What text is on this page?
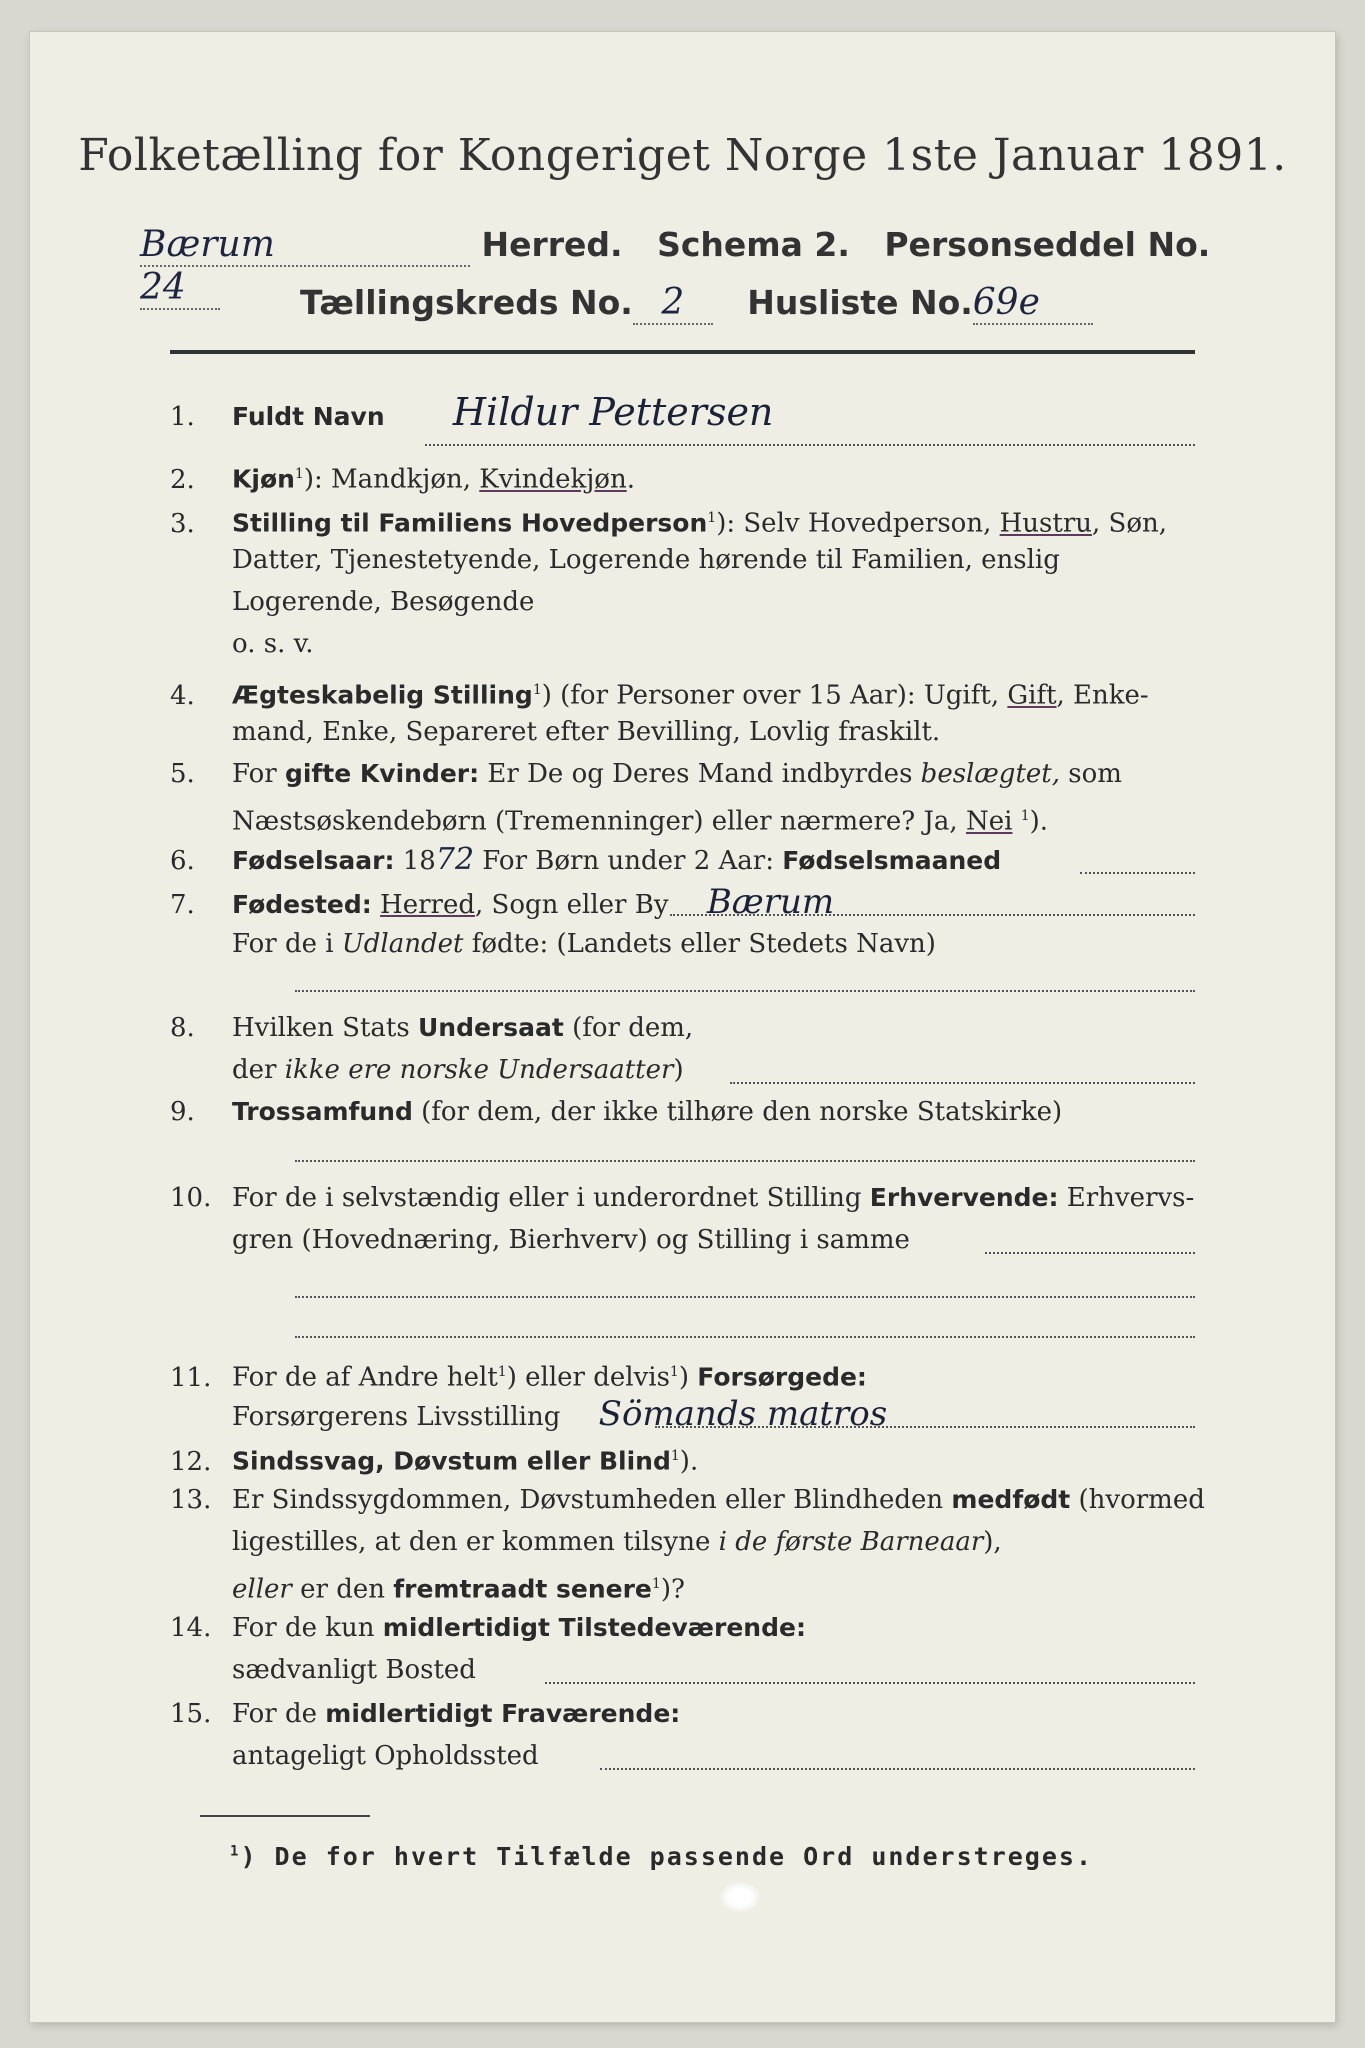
Folketælling for Kongeriget Norge 1ste Januar 1891.
Bærum	Herred. Schema 2. Personseddel No.24	Tællingskreds No. 2 Husliste No.69e
1. Fuldt Navn Hildur Pettersen
2. Kjøn$^1$): Mandkjøn, Kvindekjøn.
3. Stilling til Familiens Hovedperson$^1$): Selv Hovedperson, Hustru, Søn,
Datter, Tjenestetyende, Logerende hørende til Familien, enslig
Logerende, Besøgende
o. s. v.
4. Ægteskabelig Stilling$^1$) (for Personer over 15 Aar): Ugift, Gift, Enke-
mand, Enke, Separeret efter Bevilling, Lovlig fraskilt.
5. For gifte Kvinder: Er De og Deres Mand indbyrdes beslægtet, som
Næstsøskendebørn (Tremenninger) eller nærmere? Ja, Nei $^1$).
6. Fødselsaar: 1872 For Børn under 2 Aar: Fødselsmaaned
7. Fødested: Herred, Sogn eller By Bærum
For de i Udlandet fødte: (Landets eller Stedets Navn)
8. Hvilken Stats Undersaat (for dem,
der ikke ere norske Undersaatter)
9. Trossamfund (for dem, der ikke tilhøre den norske Statskirke)
10. For de i selvstændig eller i underordnet Stilling Erhvervende: Erhvervs-
gren (Hovednæring, Bierhverv) og Stilling i samme
11. For de af Andre helt$^1$) eller delvis$^1$) Forsørgede:
Forsørgerens Livsstilling Sömands matros
12. Sindssvag, Døvstum eller Blind$^1$).
13. Er Sindssygdommen, Døvstumheden eller Blindheden medfødt (hvormed
ligestilles, at den er kommen tilsyne i de første Barneaar),
eller er den fremtraadt senere$^1$)?
14. For de kun midlertidigt Tilstedeværende:
sædvanligt Bosted
15. For de midlertidigt Fraværende:
antageligt Opholdssted
$^1$) De for hvert Tilfælde passende Ord understreges.
